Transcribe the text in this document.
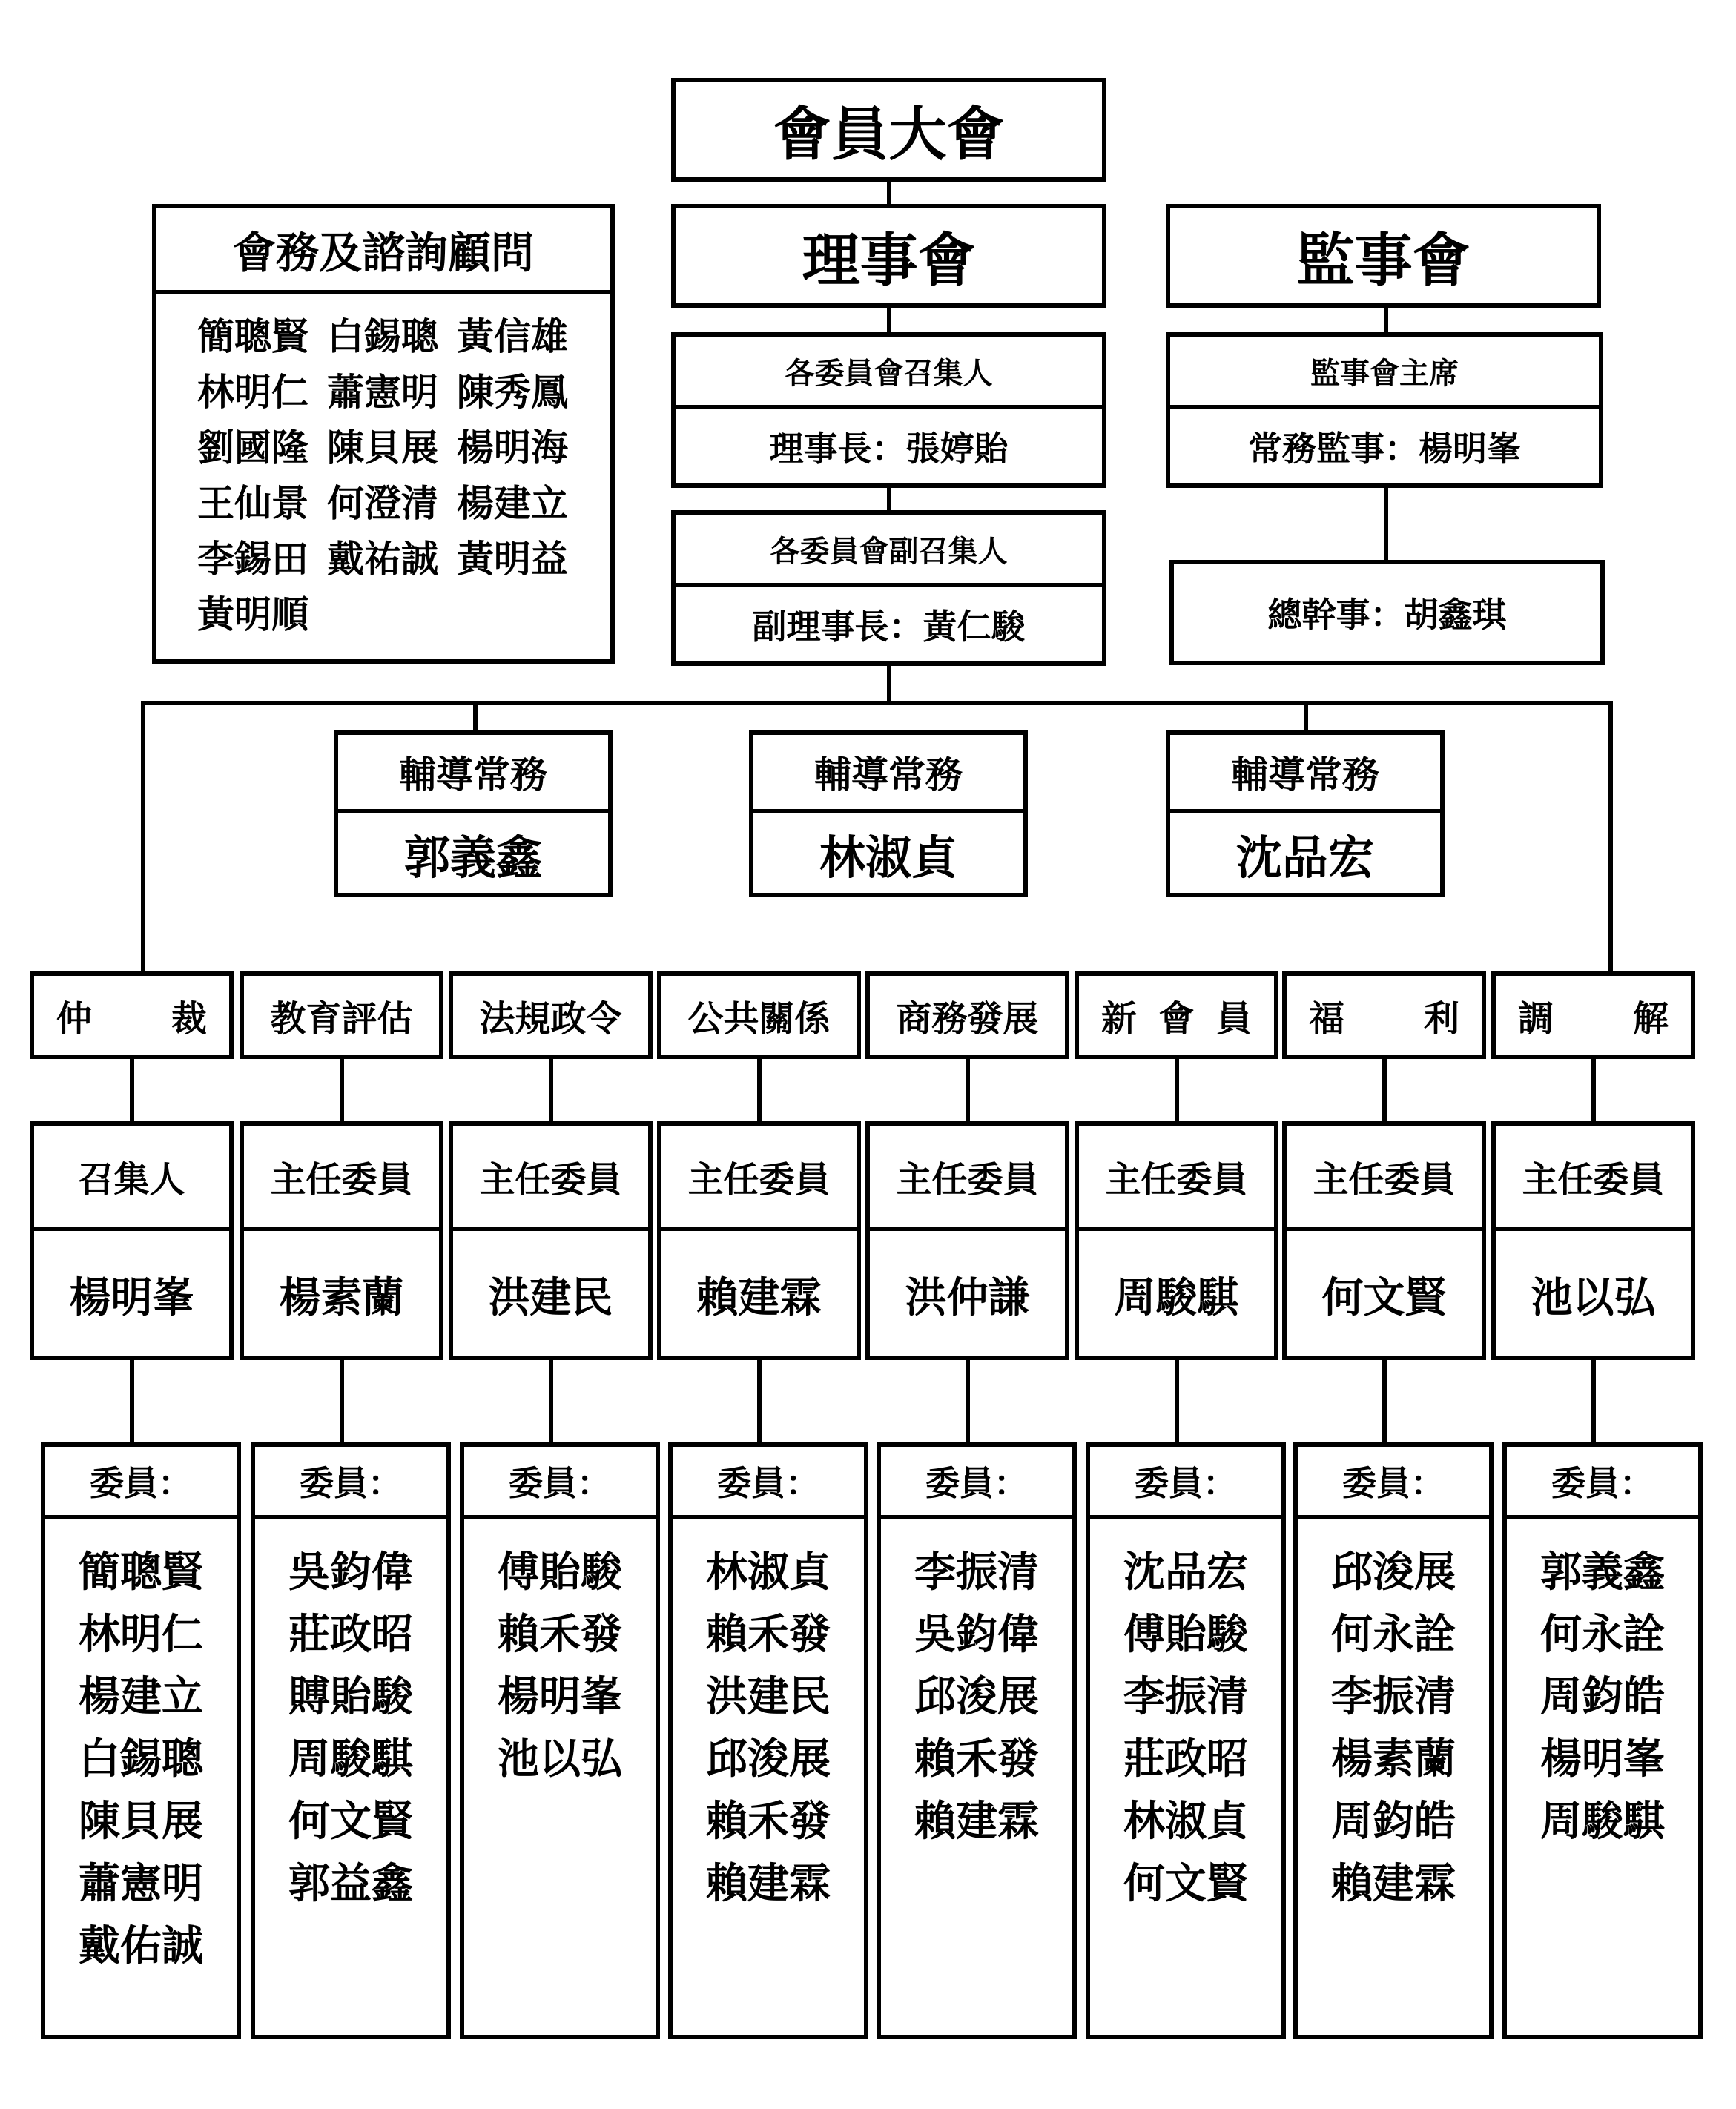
會員大會
理事會	監事會
會務及諮詢顧問
簡聰賢 白錫聰 黃信雄
林明仁 蕭憲明 陳秀鳳
劉國隆 陳貝展 楊明海
王仙景 何澄清 楊建立
李錫田 戴祐誠 黃明益
黃明順
各委員會召集人
理事長：張婷貽
各委員會副召集人
副理事長：黃仁駿
監事會主席
常務監事：楊明峯
總幹事：胡鑫琪
輔導常務
郭義鑫
輔導常務
林淑貞
輔導常務
沈品宏
仲 裁
召集人
楊明峯
委員：
簡聰賢
林明仁
楊建立
白錫聰
陳貝展
蕭憲明
戴佑誠
教育評估
主任委員
楊素蘭
委員：
吳鈞偉
莊政昭
賻貽駿
周駿騏
何文賢
郭益鑫
法規政令
主任委員
洪建民
委員：
傅貽駿
賴禾發
楊明峯
池以弘
公共關係
主任委員
賴建霖
委員：
林淑貞
賴禾發
洪建民
邱浚展
賴禾發
賴建霖
商務發展
主任委員
洪仲謙
委員：
李振清
吳鈞偉
邱浚展
賴禾發
賴建霖
新 會 員
主任委員
周駿騏
委員：
沈品宏
傅貽駿
李振清
莊政昭
林淑貞
何文賢
福 利
主任委員
何文賢
委員：
邱浚展
何永詮
李振清
楊素蘭
周鈞皓
賴建霖
調 解
主任委員
池以弘
委員：
郭義鑫
何永詮
周鈞皓
楊明峯
周駿騏
